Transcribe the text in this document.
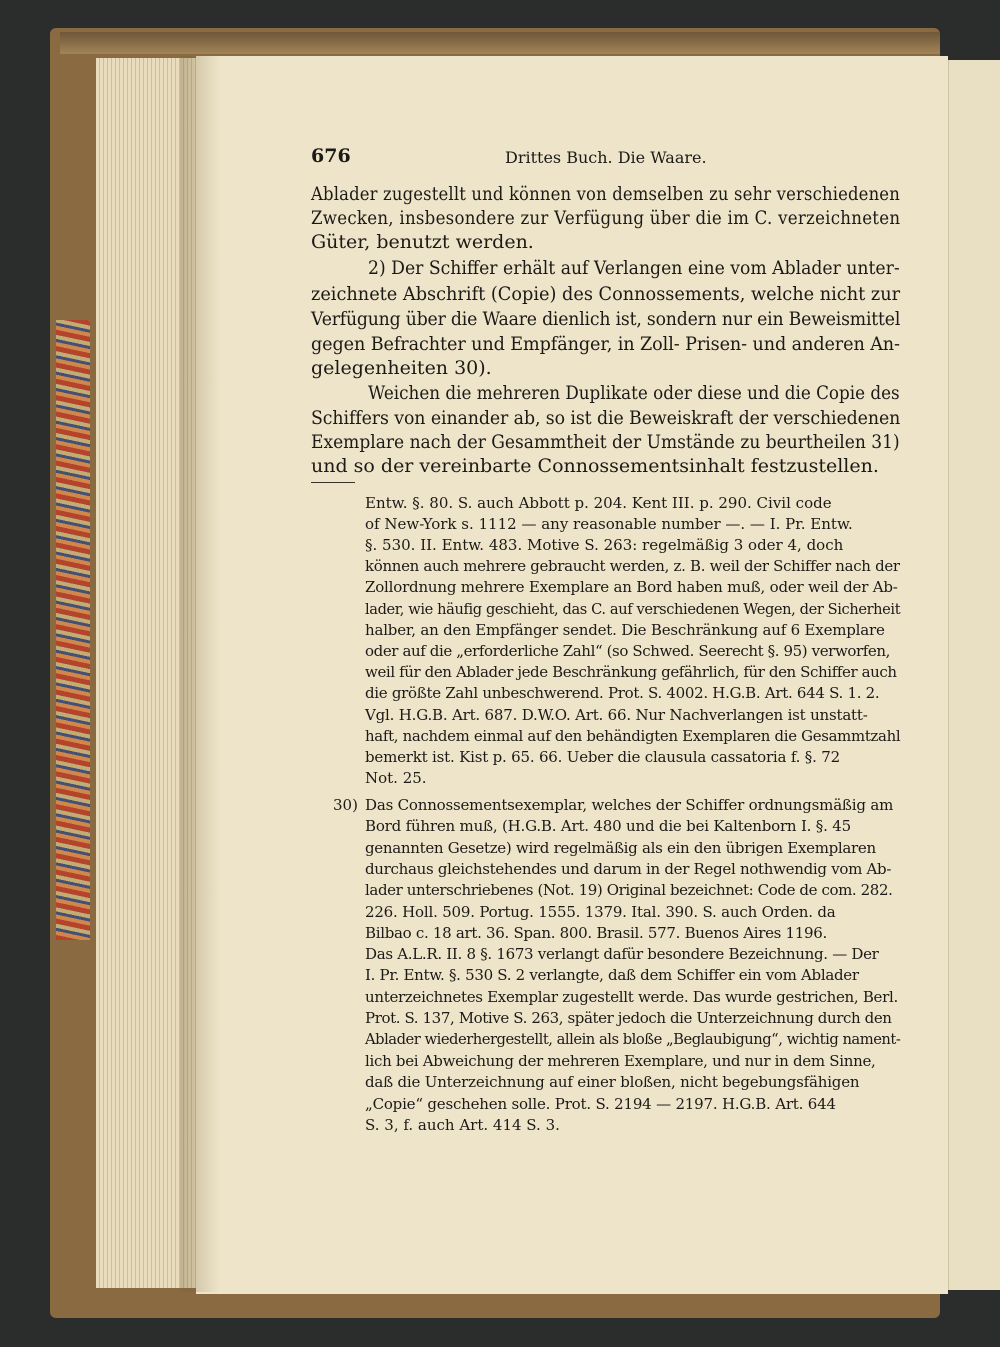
676	Drittes Buch. Die Waare.
Ablader zugestellt und können von demselben zu sehr verschiedenen
Zwecken, insbesondere zur Verfügung über die im C. verzeichneten
Güter, benutzt werden.
2) Der Schiffer erhält auf Verlangen eine vom Ablader unter-
zeichnete Abschrift (Copie) des Connossements, welche nicht zur
Verfügung über die Waare dienlich ist, sondern nur ein Beweismittel
gegen Befrachter und Empfänger, in Zoll- Prisen- und anderen An-
gelegenheiten 30).
Weichen die mehreren Duplikate oder diese und die Copie des
Schiffers von einander ab, so ist die Beweiskraft der verschiedenen
Exemplare nach der Gesammtheit der Umstände zu beurtheilen 31)
und so der vereinbarte Connossementsinhalt festzustellen.
Entw. §. 80. S. auch Abbott p. 204. Kent III. p. 290. Civil code
of New-York s. 1112 — any reasonable number —. — I. Pr. Entw.
§. 530. II. Entw. 483. Motive S. 263: regelmäßig 3 oder 4, doch
können auch mehrere gebraucht werden, z. B. weil der Schiffer nach der
Zollordnung mehrere Exemplare an Bord haben muß, oder weil der Ab-
lader, wie häufig geschieht, das C. auf verschiedenen Wegen, der Sicherheit
halber, an den Empfänger sendet. Die Beschränkung auf 6 Exemplare
oder auf die „erforderliche Zahl“ (so Schwed. Seerecht §. 95) verworfen,
weil für den Ablader jede Beschränkung gefährlich, für den Schiffer auch
die größte Zahl unbeschwerend. Prot. S. 4002. H.G.B. Art. 644 S. 1. 2.
Vgl. H.G.B. Art. 687. D.W.O. Art. 66. Nur Nachverlangen ist unstatt-
haft, nachdem einmal auf den behändigten Exemplaren die Gesammtzahl
bemerkt ist. Kist p. 65. 66. Ueber die clausula cassatoria f. §. 72
Not. 25.
30) Das Connossementsexemplar, welches der Schiffer ordnungsmäßig am
Bord führen muß, (H.G.B. Art. 480 und die bei Kaltenborn I. §. 45
genannten Gesetze) wird regelmäßig als ein den übrigen Exemplaren
durchaus gleichstehendes und darum in der Regel nothwendig vom Ab-
lader unterschriebenes (Not. 19) Original bezeichnet: Code de com. 282.
226. Holl. 509. Portug. 1555. 1379. Ital. 390. S. auch Orden. da
Bilbao c. 18 art. 36. Span. 800. Brasil. 577. Buenos Aires 1196.
Das A.L.R. II. 8 §. 1673 verlangt dafür besondere Bezeichnung. — Der
I. Pr. Entw. §. 530 S. 2 verlangte, daß dem Schiffer ein vom Ablader
unterzeichnetes Exemplar zugestellt werde. Das wurde gestrichen, Berl.
Prot. S. 137, Motive S. 263, später jedoch die Unterzeichnung durch den
Ablader wiederhergestellt, allein als bloße „Beglaubigung“, wichtig nament-
lich bei Abweichung der mehreren Exemplare, und nur in dem Sinne,
daß die Unterzeichnung auf einer bloßen, nicht begebungsfähigen
„Copie“ geschehen solle. Prot. S. 2194 — 2197. H.G.B. Art. 644
S. 3, f. auch Art. 414 S. 3.
